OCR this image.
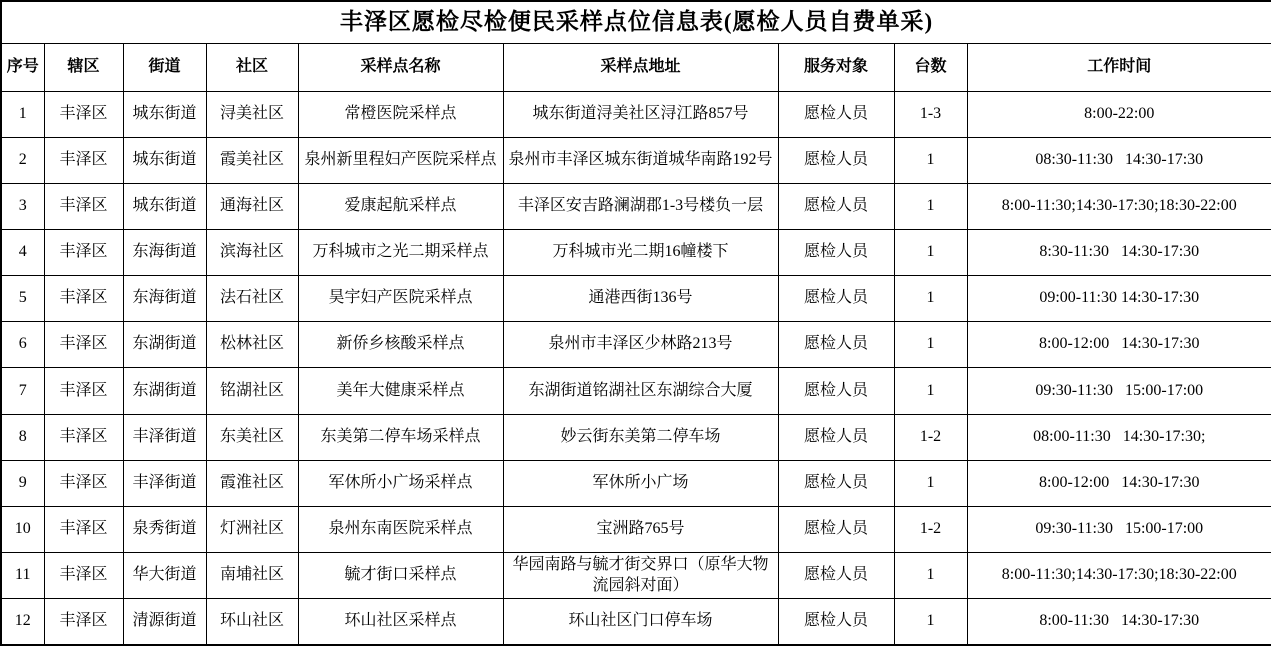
丰泽区愿检尽检便民采样点位信息表(愿检人员自费单采)								
序号	辖区	街道	社区	采样点名称	采样点地址	服务对象	台数	工作时间
1	丰泽区	城东街道	浔美社区	常橙医院采样点	城东街道浔美社区浔江路857号	愿检人员	1-3	8:00-22:00
2	丰泽区	城东街道	霞美社区	泉州新里程妇产医院采样点	泉州市丰泽区城东街道城华南路192号	愿检人员	1	08:30-11:30   14:30-17:30
3	丰泽区	城东街道	通海社区	爱康起航采样点	丰泽区安吉路澜湖郡1-3号楼负一层	愿检人员	1	8:00-11:30;14:30-17:30;18:30-22:00
4	丰泽区	东海街道	滨海社区	万科城市之光二期采样点	万科城市光二期16幢楼下	愿检人员	1	8:30-11:30   14:30-17:30
5	丰泽区	东海街道	法石社区	昊宇妇产医院采样点	通港西街136号	愿检人员	1	09:00-11:30 14:30-17:30
6	丰泽区	东湖街道	松林社区	新侨乡核酸采样点	泉州市丰泽区少林路213号	愿检人员	1	8:00-12:00   14:30-17:30
7	丰泽区	东湖街道	铭湖社区	美年大健康采样点	东湖街道铭湖社区东湖综合大厦	愿检人员	1	09:30-11:30   15:00-17:00
8	丰泽区	丰泽街道	东美社区	东美第二停车场采样点	妙云街东美第二停车场	愿检人员	1-2	08:00-11:30   14:30-17:30;
9	丰泽区	丰泽街道	霞淮社区	军休所小广场采样点	军休所小广场	愿检人员	1	8:00-12:00   14:30-17:30
10	丰泽区	泉秀街道	灯洲社区	泉州东南医院采样点	宝洲路765号	愿检人员	1-2	09:30-11:30   15:00-17:00
11	丰泽区	华大街道	南埔社区	毓才街口采样点	华园南路与毓才街交界口（原华大物流园斜对面）	愿检人员	1	8:00-11:30;14:30-17:30;18:30-22:00
12	丰泽区	清源街道	环山社区	环山社区采样点	环山社区门口停车场	愿检人员	1	8:00-11:30   14:30-17:30
